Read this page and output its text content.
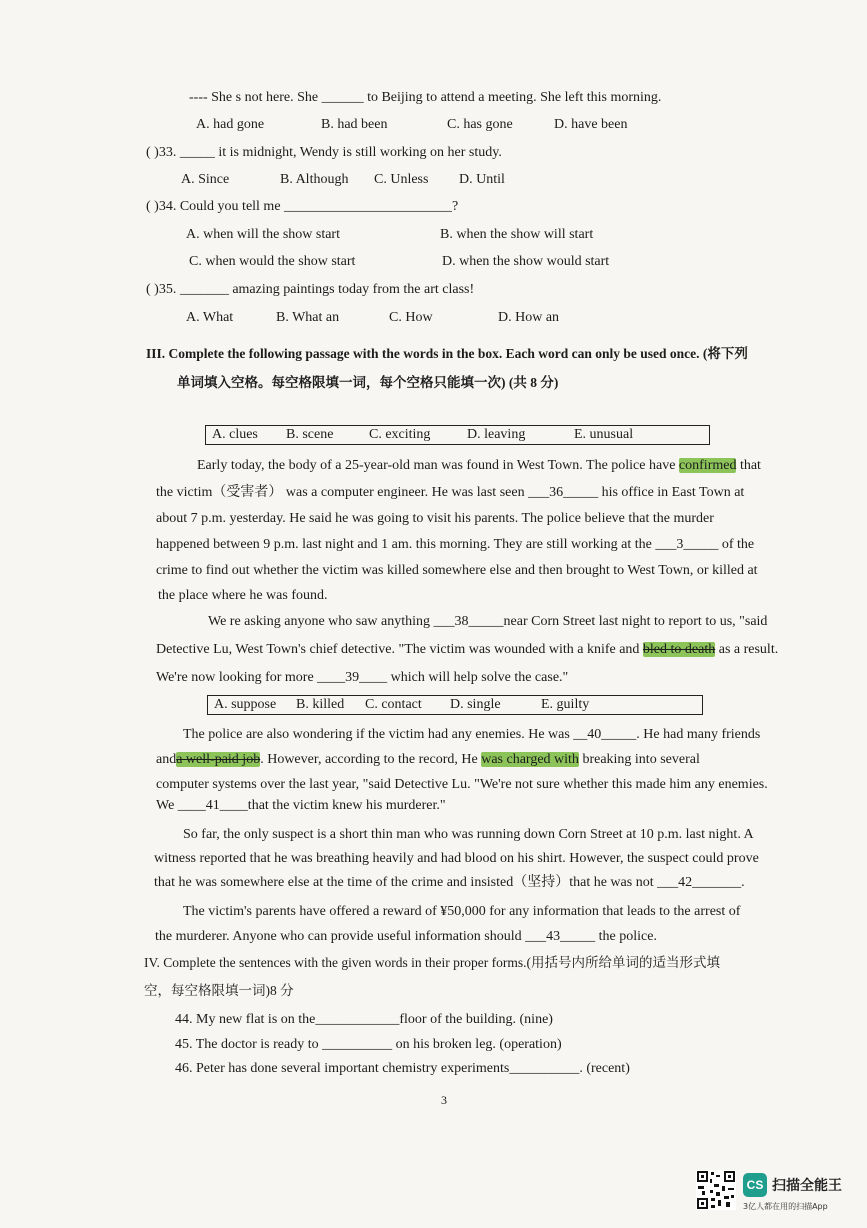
---- She s not here. She ______ to Beijing to attend a meeting. She left this morning.
A. had gone	B. had been	C. has gone	D. have been
( )33. _____ it is midnight, Wendy is still working on her study.
A. Since	B. Although C. Unless D. Until
( )34. Could you tell me ________________________?
A. when will the show start	B. when the show will start
C. when would the show start	D. when the show would start
( )35. _______ amazing paintings today from the art class!
A. What	B. What an	C. How	D. How an
III. Complete the following passage with the words in the box. Each word can only be used once. (将下列
单词填入空格。每空格限填一词，每个空格只能填一次) (共 8 分)
A. clues B. scene	C. exciting	D. leaving	E. unusual
Early today, the body of a 25-year-old man was found in West Town. The police have confirmed that
the victim（受害者） was a computer engineer. He was last seen ___36_____ his office in East Town at
about 7 p.m. yesterday. He said he was going to visit his parents. The police believe that the murder
happened between 9 p.m. last night and 1 am. this morning. They are still working at the ___3_____ of the
crime to find out whether the victim was killed somewhere else and then brought to West Town, or killed at
the place where he was found.
We re asking anyone who saw anything ___38_____near Corn Street last night to report to us, "said
Detective Lu, West Town's chief detective. "The victim was wounded with a knife and bled to death as a result.
We're now looking for more ____39____ which will help solve the case."
A. suppose B. killed C. contact D. single	E. guilty
The police are also wondering if the victim had any enemies. He was __40_____. He had many friends
anda well-paid job. However, according to the record, He was charged with breaking into several
computer systems over the last year, "said Detective Lu. "We're not sure whether this made him any enemies.
We ____41____that the victim knew his murderer."
So far, the only suspect is a short thin man who was running down Corn Street at 10 p.m. last night. A
witness reported that he was breathing heavily and had blood on his shirt. However, the suspect could prove
that he was somewhere else at the time of the crime and insisted（坚持）that he was not ___42_______.
The victim's parents have offered a reward of ¥50,000 for any information that leads to the arrest of
the murderer. Anyone who can provide useful information should ___43_____ the police.
IV. Complete the sentences with the given words in their proper forms.(用括号内所给单词的适当形式填
空，每空格限填一词)8 分
44. My new flat is on the____________floor of the building. (nine)
45. The doctor is ready to __________ on his broken leg. (operation)
46. Peter has done several important chemistry experiments__________. (recent)
3
CS 扫描全能王
3亿人都在用的扫描App
